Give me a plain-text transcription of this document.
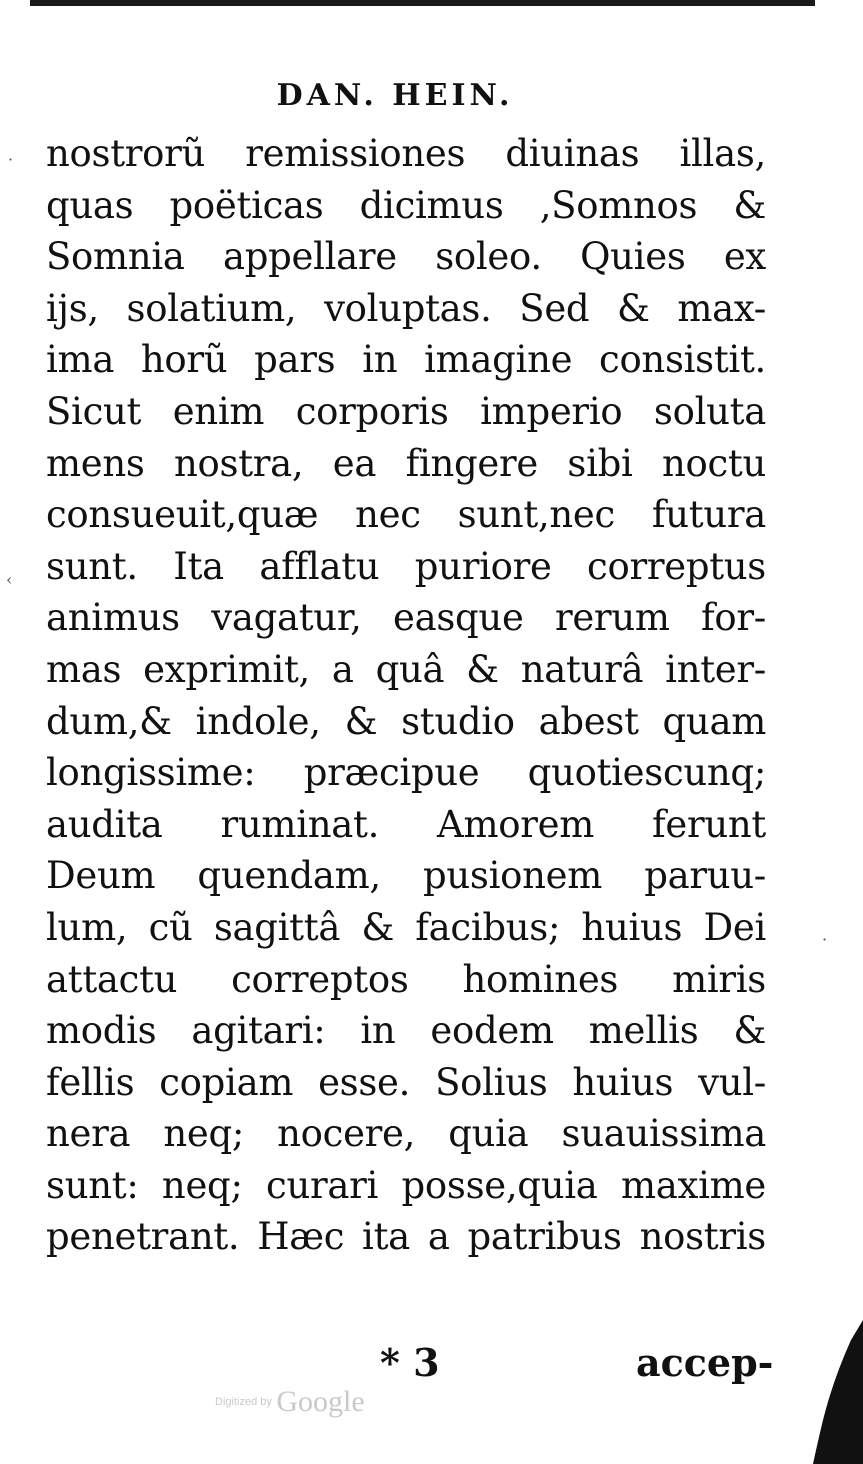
DAN. HEIN.
nostrorũ remissiones diuinas illas,
quas poëticas dicimus ,Somnos &
Somnia appellare soleo. Quies ex
ijs, solatium, voluptas. Sed & max-
ima horũ pars in imagine consistit.
Sicut enim corporis imperio soluta
mens nostra, ea fingere sibi noctu
consueuit,quæ nec sunt,nec futura
sunt. Ita afflatu puriore correptus
animus vagatur, easque rerum for-
mas exprimit, a quâ & naturâ inter-
dum,& indole, & studio abest quam
longissime: præcipue quotiescunq;
audita ruminat. Amorem ferunt
Deum quendam, pusionem paruu-
lum, cũ sagittâ & facibus; huius Dei
attactu correptos homines miris
modis agitari: in eodem mellis &
fellis copiam esse. Solius huius vul-
nera neq; nocere, quia suauissima
sunt: neq; curari posse,quia maxime
penetrant. Hæc ita a patribus nostris
* 3	accep-
Digitized by Google
·
‹
·
